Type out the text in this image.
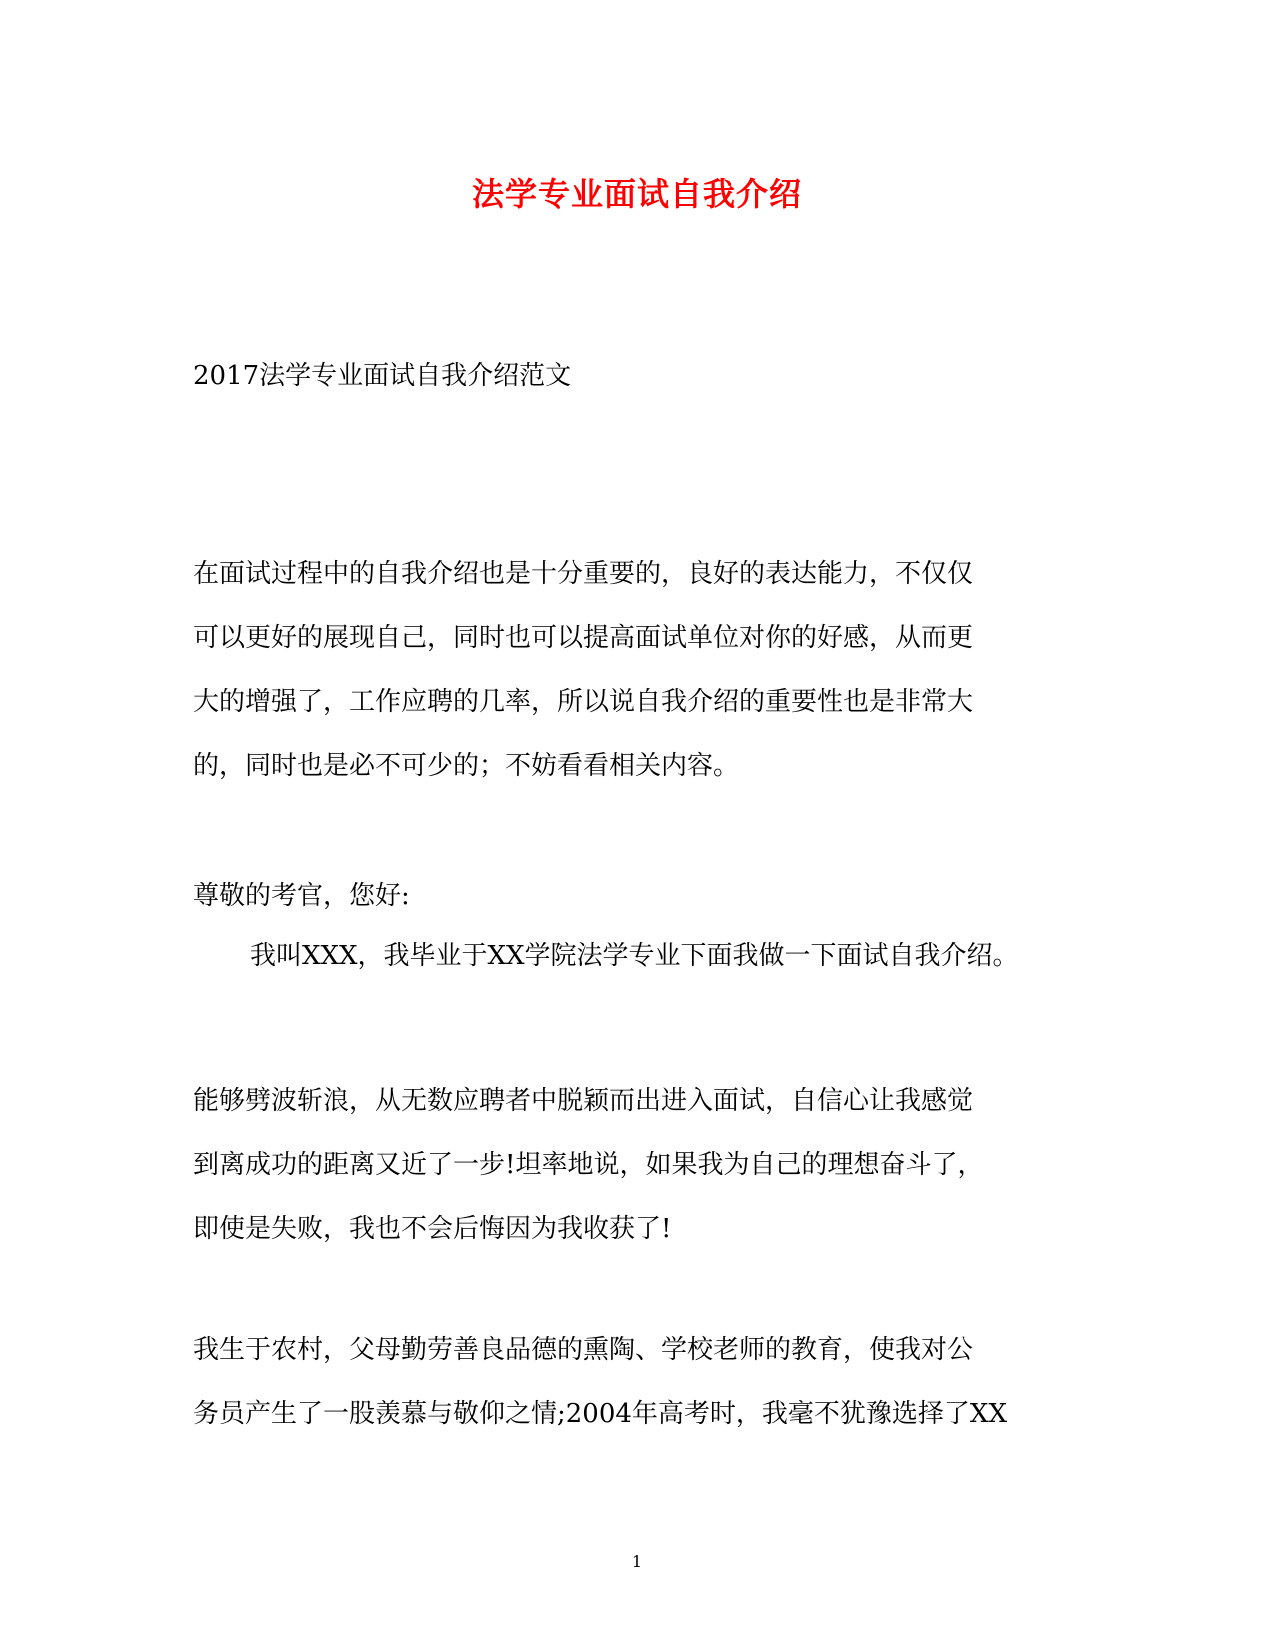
法学专业面试自我介绍
2017法学专业面试自我介绍范文

在面试过程中的自我介绍也是十分重要的，良好的表达能力，不仅仅
可以更好的展现自己，同时也可以提高面试单位对你的好感，从而更
大的增强了，工作应聘的几率，所以说自我介绍的重要性也是非常大
的，同时也是必不可少的；不妨看看相关内容。

尊敬的考官，您好:

我叫XXX，我毕业于XX学院法学专业下面我做一下面试自我介绍。

能够劈波斩浪，从无数应聘者中脱颖而出进入面试，自信心让我感觉
到离成功的距离又近了一步!坦率地说，如果我为自己的理想奋斗了，
即使是失败，我也不会后悔因为我收获了!

我生于农村，父母勤劳善良品德的熏陶、学校老师的教育，使我对公
务员产生了一股羡慕与敬仰之情;2004年高考时，我毫不犹豫选择了XX

1
